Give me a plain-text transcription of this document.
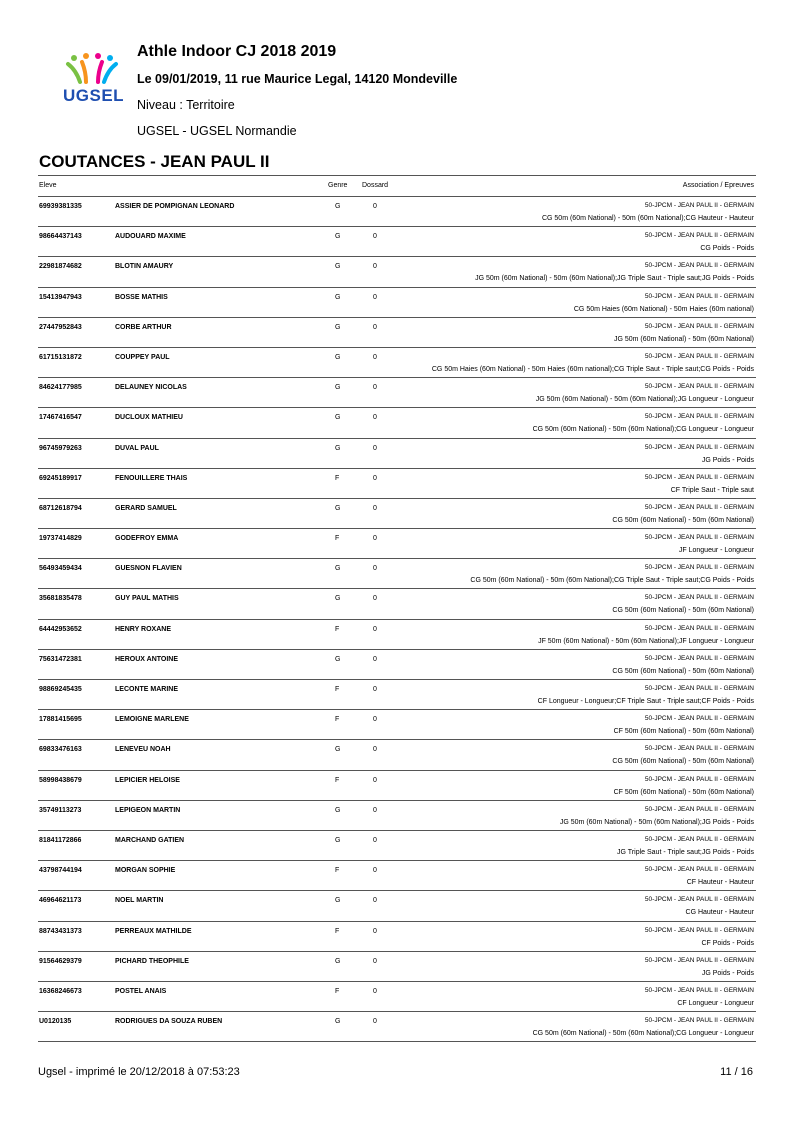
UGSEL
Athle Indoor CJ 2018 2019
Le 09/01/2019, 11 rue Maurice Legal, 14120 Mondeville
Niveau : Territoire
UGSEL - UGSEL Normandie
COUTANCES - JEAN PAUL II
Eleve	Genre Dossard	Association / Epreuves
69939381335	ASSIER DE POMPIGNAN LEONARD	G	0	50-JPCM - JEAN PAUL II - GERMAIN
CG 50m (60m National) - 50m (60m National);CG Hauteur - Hauteur
98664437143	AUDOUARD MAXIME	G	0	50-JPCM - JEAN PAUL II - GERMAIN
CG Poids - Poids
22981874682	BLOTIN AMAURY	G	0	50-JPCM - JEAN PAUL II - GERMAIN
JG 50m (60m National) - 50m (60m National);JG Triple Saut - Triple saut;JG Poids - Poids
15413947943	BOSSE MATHIS	G	0	50-JPCM - JEAN PAUL II - GERMAIN
CG 50m Haies (60m National) - 50m Haies (60m national)
27447952843	CORBE ARTHUR	G	0	50-JPCM - JEAN PAUL II - GERMAIN
JG 50m (60m National) - 50m (60m National)
61715131872	COUPPEY PAUL	G	0	50-JPCM - JEAN PAUL II - GERMAIN
CG 50m Haies (60m National) - 50m Haies (60m national);CG Triple Saut - Triple saut;CG Poids - Poids
84624177985	DELAUNEY NICOLAS	G	0	50-JPCM - JEAN PAUL II - GERMAIN
JG 50m (60m National) - 50m (60m National);JG Longueur - Longueur
17467416547	DUCLOUX MATHIEU	G	0	50-JPCM - JEAN PAUL II - GERMAIN
CG 50m (60m National) - 50m (60m National);CG Longueur - Longueur
96745979263	DUVAL PAUL	G	0	50-JPCM - JEAN PAUL II - GERMAIN
JG Poids - Poids
69245189917	FENOUILLERE THAIS	F	0	50-JPCM - JEAN PAUL II - GERMAIN
CF Triple Saut - Triple saut
68712618794	GERARD SAMUEL	G	0	50-JPCM - JEAN PAUL II - GERMAIN
CG 50m (60m National) - 50m (60m National)
19737414829	GODEFROY EMMA	F	0	50-JPCM - JEAN PAUL II - GERMAIN
JF Longueur - Longueur
56493459434	GUESNON FLAVIEN	G	0	50-JPCM - JEAN PAUL II - GERMAIN
CG 50m (60m National) - 50m (60m National);CG Triple Saut - Triple saut;CG Poids - Poids
35681835478	GUY PAUL MATHIS	G	0	50-JPCM - JEAN PAUL II - GERMAIN
CG 50m (60m National) - 50m (60m National)
64442953652	HENRY ROXANE	F	0	50-JPCM - JEAN PAUL II - GERMAIN
JF 50m (60m National) - 50m (60m National);JF Longueur - Longueur
75631472381	HEROUX ANTOINE	G	0	50-JPCM - JEAN PAUL II - GERMAIN
CG 50m (60m National) - 50m (60m National)
98869245435	LECONTE MARINE	F	0	50-JPCM - JEAN PAUL II - GERMAIN
CF Longueur - Longueur;CF Triple Saut - Triple saut;CF Poids - Poids
17881415695	LEMOIGNE MARLENE	F	0	50-JPCM - JEAN PAUL II - GERMAIN
CF 50m (60m National) - 50m (60m National)
69833476163	LENEVEU NOAH	G	0	50-JPCM - JEAN PAUL II - GERMAIN
CG 50m (60m National) - 50m (60m National)
58998438679	LEPICIER HELOISE	F	0	50-JPCM - JEAN PAUL II - GERMAIN
CF 50m (60m National) - 50m (60m National)
35749113273	LEPIGEON MARTIN	G	0	50-JPCM - JEAN PAUL II - GERMAIN
JG 50m (60m National) - 50m (60m National);JG Poids - Poids
81841172866	MARCHAND GATIEN	G	0	50-JPCM - JEAN PAUL II - GERMAIN
JG Triple Saut - Triple saut;JG Poids - Poids
43798744194	MORGAN SOPHIE	F	0	50-JPCM - JEAN PAUL II - GERMAIN
CF Hauteur - Hauteur
46964621173	NOEL MARTIN	G	0	50-JPCM - JEAN PAUL II - GERMAIN
CG Hauteur - Hauteur
88743431373	PERREAUX MATHILDE	F	0	50-JPCM - JEAN PAUL II - GERMAIN
CF Poids - Poids
91564629379	PICHARD THEOPHILE	G	0	50-JPCM - JEAN PAUL II - GERMAIN
JG Poids - Poids
16368246673	POSTEL ANAIS	F	0	50-JPCM - JEAN PAUL II - GERMAIN
CF Longueur - Longueur
U0120135	RODRIGUES DA SOUZA RUBEN	G	0	50-JPCM - JEAN PAUL II - GERMAIN
CG 50m (60m National) - 50m (60m National);CG Longueur - Longueur
Ugsel - imprimé le 20/12/2018 à 07:53:23	11 / 16
